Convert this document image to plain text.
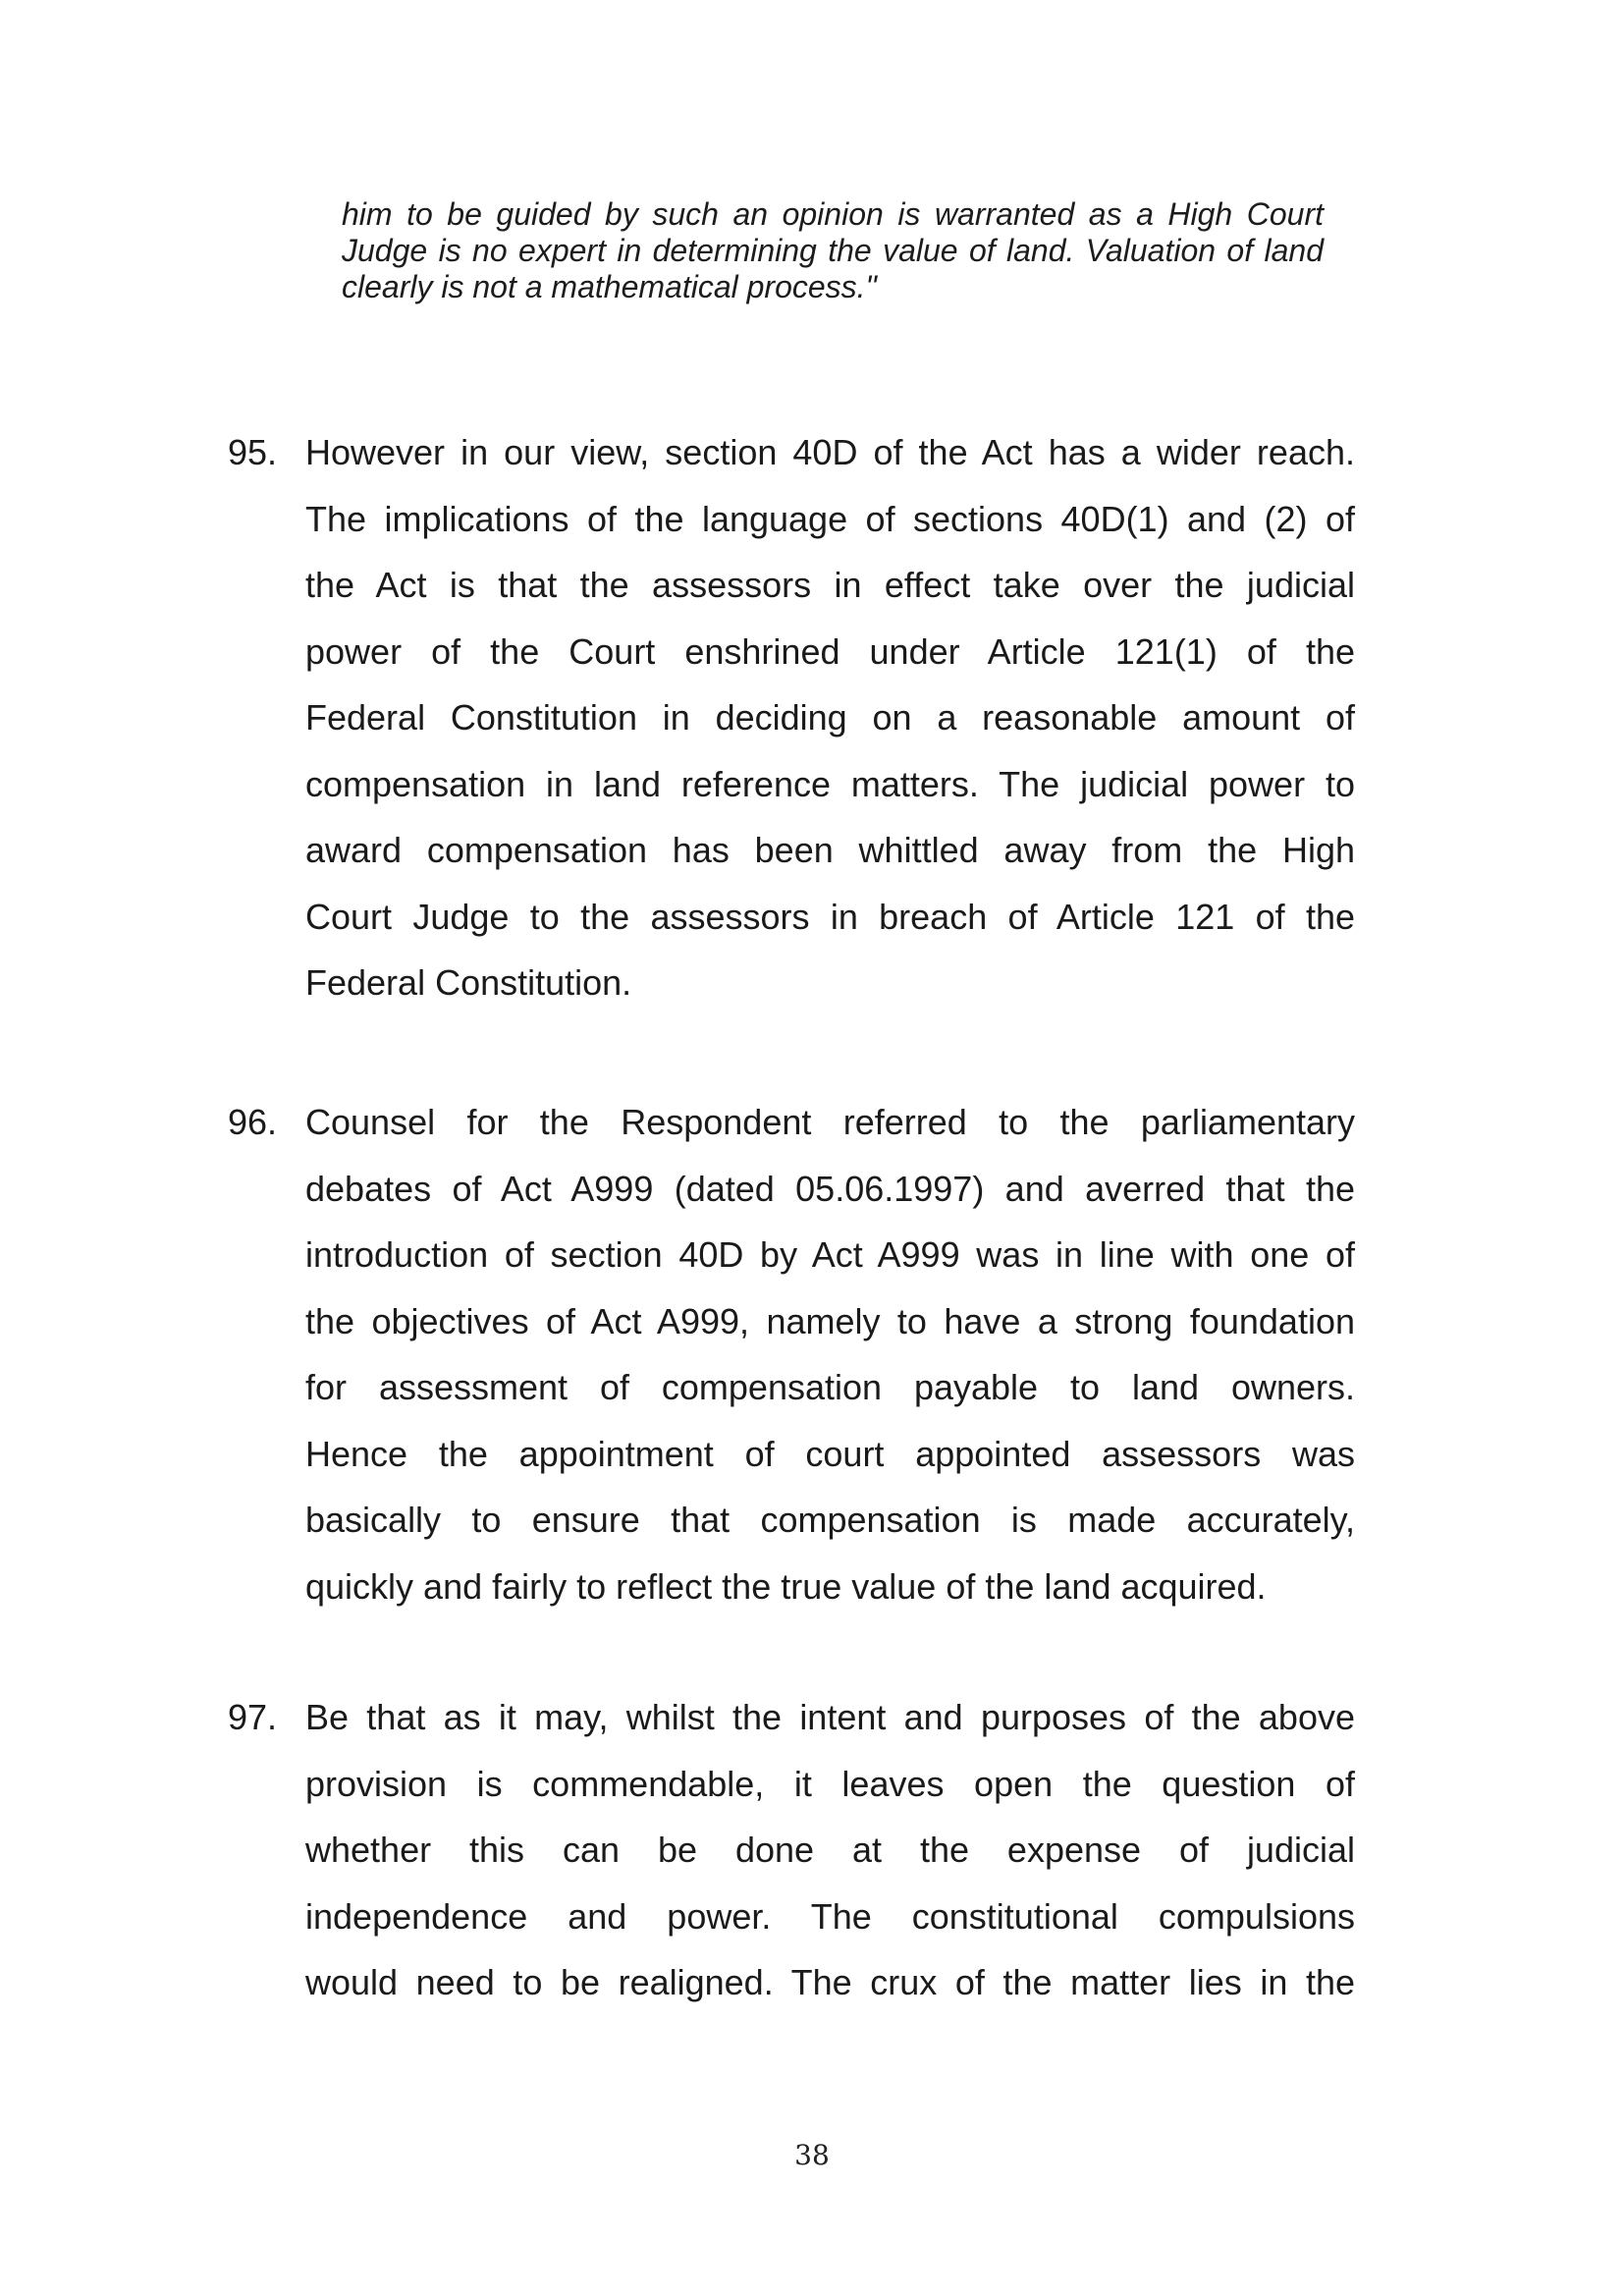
him to be guided by such an opinion is warranted as a High Court
Judge is no expert in determining the value of land. Valuation of land
clearly is not a mathematical process."
95. However in our view, section 40D of the Act has a wider reach.
The implications of the language of sections 40D(1) and (2) of
the Act is that the assessors in effect take over the judicial
power of the Court enshrined under Article 121(1) of the
Federal Constitution in deciding on a reasonable amount of
compensation in land reference matters. The judicial power to
award compensation has been whittled away from the High
Court Judge to the assessors in breach of Article 121 of the
Federal Constitution.
96. Counsel for the Respondent referred to the parliamentary
debates of Act A999 (dated 05.06.1997) and averred that the
introduction of section 40D by Act A999 was in line with one of
the objectives of Act A999, namely to have a strong foundation
for assessment of compensation payable to land owners.
Hence the appointment of court appointed assessors was
basically to ensure that compensation is made accurately,
quickly and fairly to reflect the true value of the land acquired.
97. Be that as it may, whilst the intent and purposes of the above
provision is commendable, it leaves open the question of
whether this can be done at the expense of judicial
independence and power. The constitutional compulsions
would need to be realigned. The crux of the matter lies in the
38
